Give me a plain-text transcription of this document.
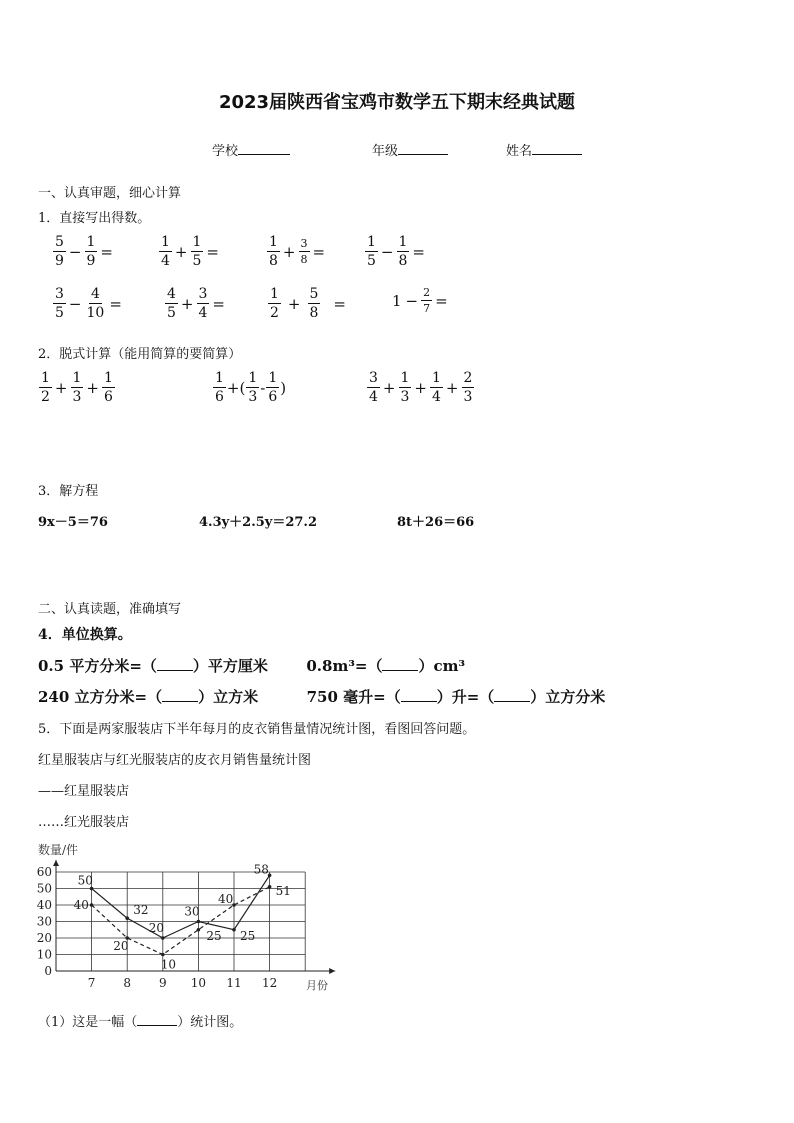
2023届陕西省宝鸡市数学五下期末经典试题
学校	年级	姓名
一、认真审题，细心计算
1．直接写出得数。
$\frac{5}{9} - \frac{1}{9}$ =	$\frac{1}{4} + \frac{1}{5}$ =	$\frac{1}{8} + \frac{3}{8}$ =	$\frac{1}{5} - \frac{1}{8}$ =
$\frac{3}{5} - \frac{4}{10}$ =	$\frac{4}{5} + \frac{3}{4}$ =	$\frac{1}{2} + \frac{5}{8}$ =	$1 - \frac{2}{7}$ =
2．脱式计算（能用简算的要简算）
$\frac{1}{2} + \frac{1}{3} + \frac{1}{6}$	$\frac{1}{6}$ +( $\frac{1}{3} - \frac{1}{6}$ )	$\frac{3}{4} + \frac{1}{3} + \frac{1}{4} + \frac{2}{3}$
3．解方程
9x－5＝76	4.3y＋2.5y＝27.2	8t＋26＝66
二、认真读题，准确填写
4．单位换算。
0.5 平方分米=（ ）平方厘米	0.8m³=（ ）cm³
240 立方分米=（ ）立方米	750 毫升=（ ）升=（ ）立方分米
5．下面是两家服装店下半年每月的皮衣销售量情况统计图，看图回答问题。
红星服装店与红光服装店的皮衣月销售量统计图
——红星服装店
……红光服装店
数量/件
月份
0
10
20
30
40
50
60
7 8 9 10 11 12
50
32
20
30
25
58
40
20
10
25
40
51
（1）这是一幅（	）统计图。
